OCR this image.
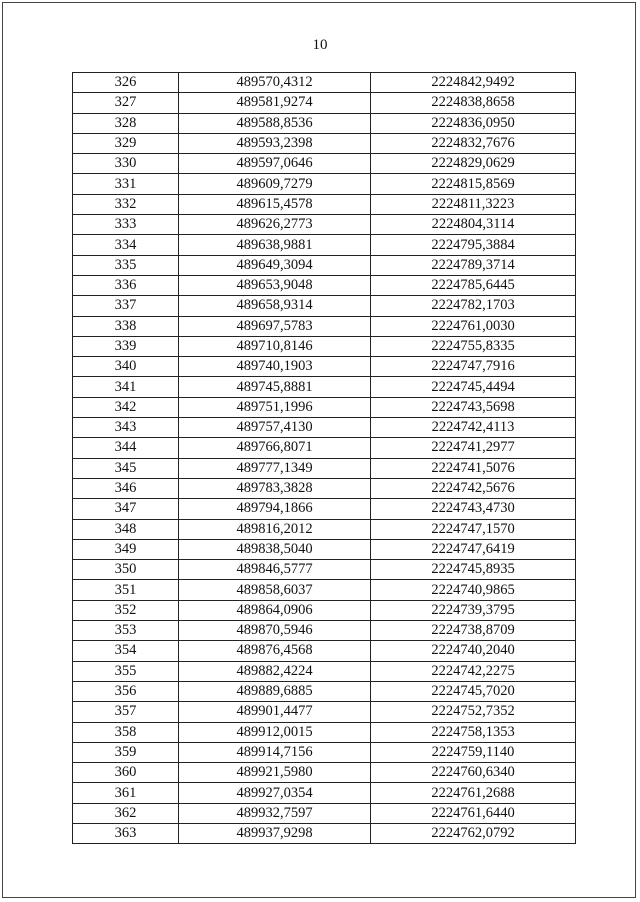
10
326	489570,4312	2224842,9492
327	489581,9274	2224838,8658
328	489588,8536	2224836,0950
329	489593,2398	2224832,7676
330	489597,0646	2224829,0629
331	489609,7279	2224815,8569
332	489615,4578	2224811,3223
333	489626,2773	2224804,3114
334	489638,9881	2224795,3884
335	489649,3094	2224789,3714
336	489653,9048	2224785,6445
337	489658,9314	2224782,1703
338	489697,5783	2224761,0030
339	489710,8146	2224755,8335
340	489740,1903	2224747,7916
341	489745,8881	2224745,4494
342	489751,1996	2224743,5698
343	489757,4130	2224742,4113
344	489766,8071	2224741,2977
345	489777,1349	2224741,5076
346	489783,3828	2224742,5676
347	489794,1866	2224743,4730
348	489816,2012	2224747,1570
349	489838,5040	2224747,6419
350	489846,5777	2224745,8935
351	489858,6037	2224740,9865
352	489864,0906	2224739,3795
353	489870,5946	2224738,8709
354	489876,4568	2224740,2040
355	489882,4224	2224742,2275
356	489889,6885	2224745,7020
357	489901,4477	2224752,7352
358	489912,0015	2224758,1353
359	489914,7156	2224759,1140
360	489921,5980	2224760,6340
361	489927,0354	2224761,2688
362	489932,7597	2224761,6440
363	489937,9298	2224762,0792
